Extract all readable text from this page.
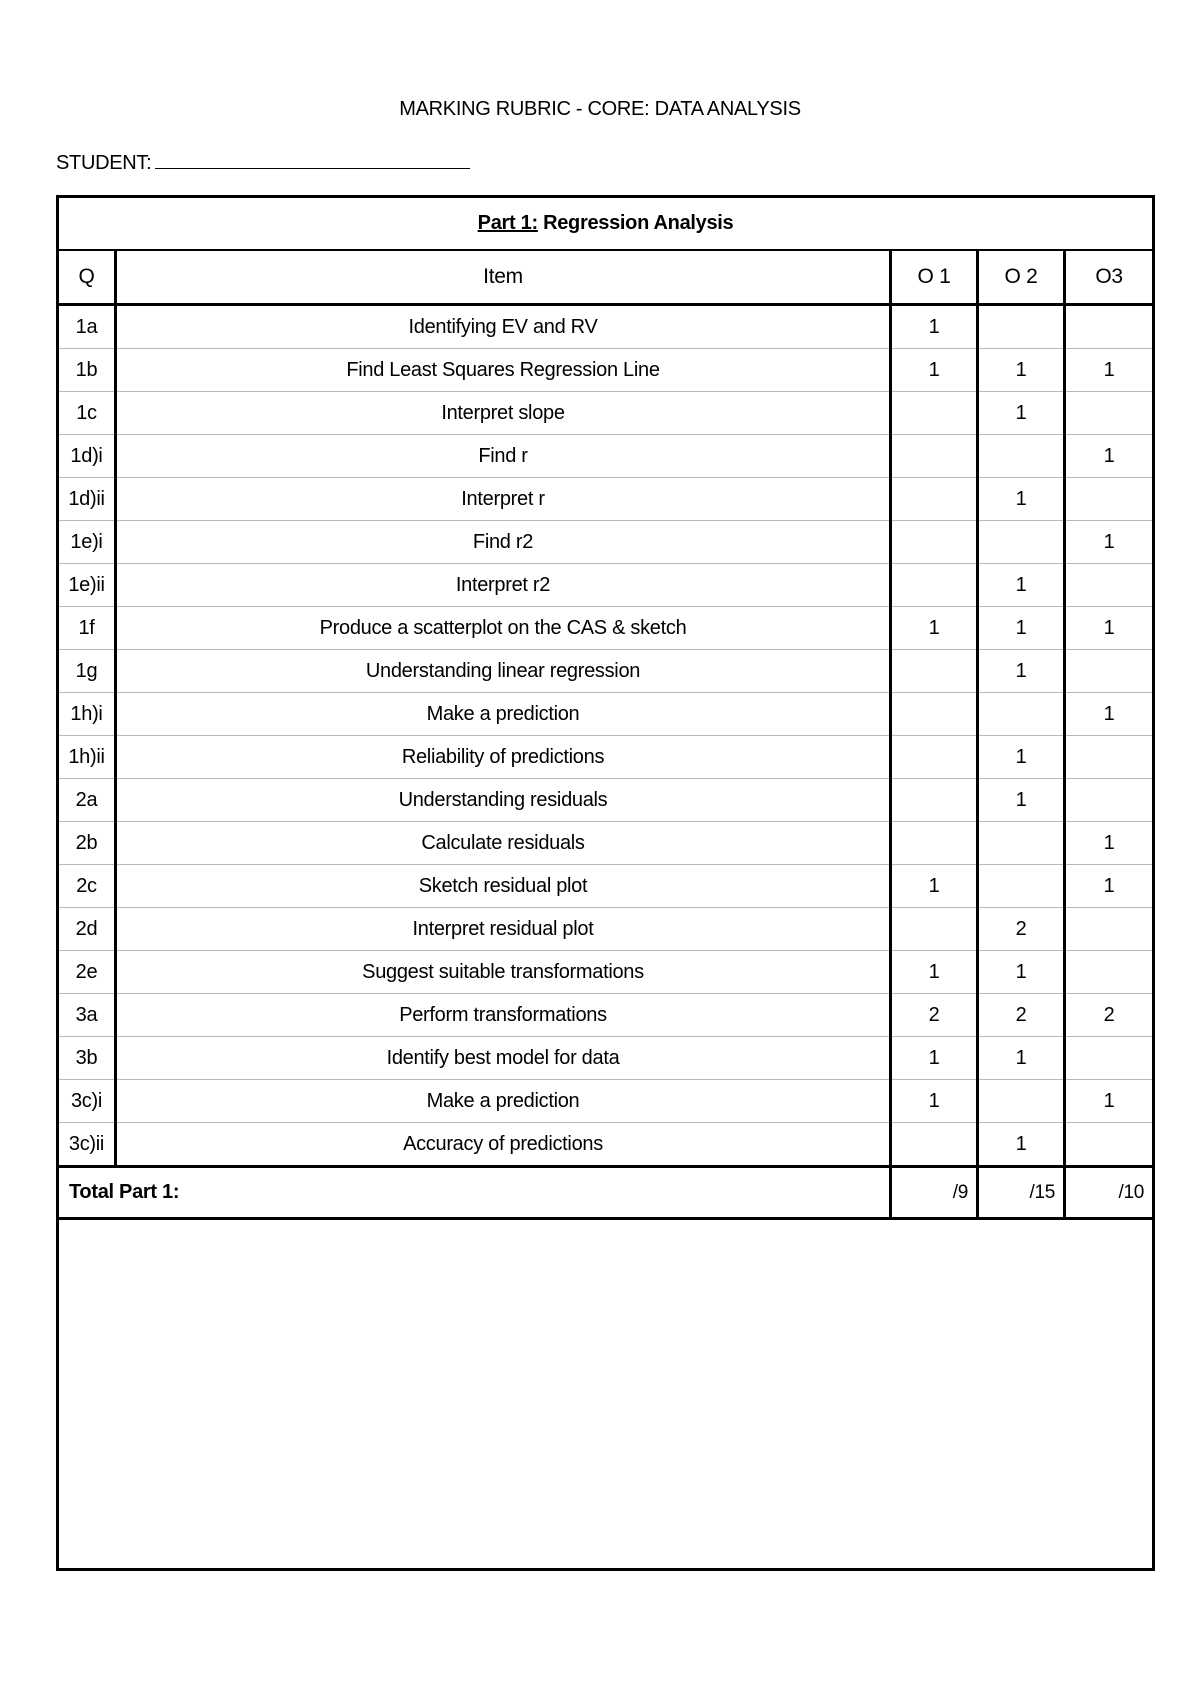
MARKING RUBRIC - CORE: DATA ANALYSIS
STUDENT:
Part 1: Regression Analysis				
Q	Item	O 1	O 2	O3
1a	Identifying EV and RV	1		
1b	Find Least Squares Regression Line	1	1	1
1c	Interpret slope		1	
1d)i	Find r			1
1d)ii	Interpret r		1	
1e)i	Find r2			1
1e)ii	Interpret r2		1	
1f	Produce a scatterplot on the CAS & sketch	1	1	1
1g	Understanding linear regression		1	
1h)i	Make a prediction			1
1h)ii	Reliability of predictions		1	
2a	Understanding residuals		1	
2b	Calculate residuals			1
2c	Sketch residual plot	1		1
2d	Interpret residual plot		2	
2e	Suggest suitable transformations	1	1	
3a	Perform transformations	2	2	2
3b	Identify best model for data	1	1	
3c)i	Make a prediction	1		1
3c)ii	Accuracy of predictions		1	
Total Part 1:		/9	/15	/10
